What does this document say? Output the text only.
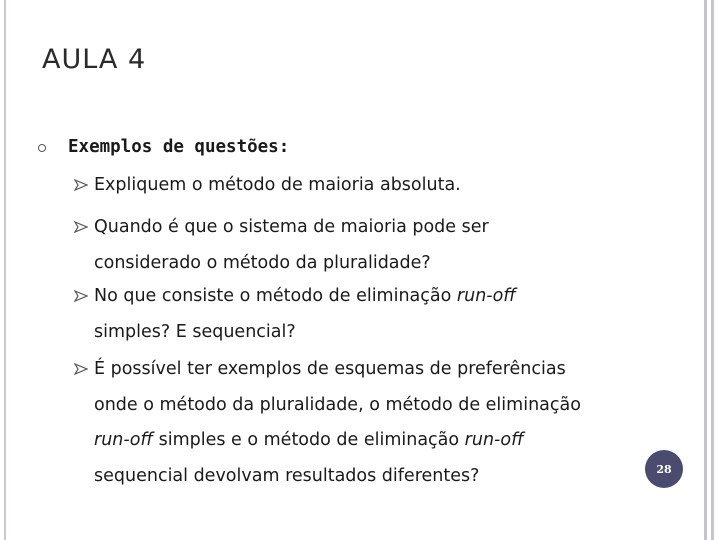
AULA 4
Exemplos de questões:
Expliquem o método de maioria absoluta.
Quando é que o sistema de maioria pode ser
considerado o método da pluralidade?
No que consiste o método de eliminação run-off
simples? E sequencial?
É possível ter exemplos de esquemas de preferências
onde o método da pluralidade, o método de eliminação
run-off simples e o método de eliminação run-off
sequencial devolvam resultados diferentes?	28
